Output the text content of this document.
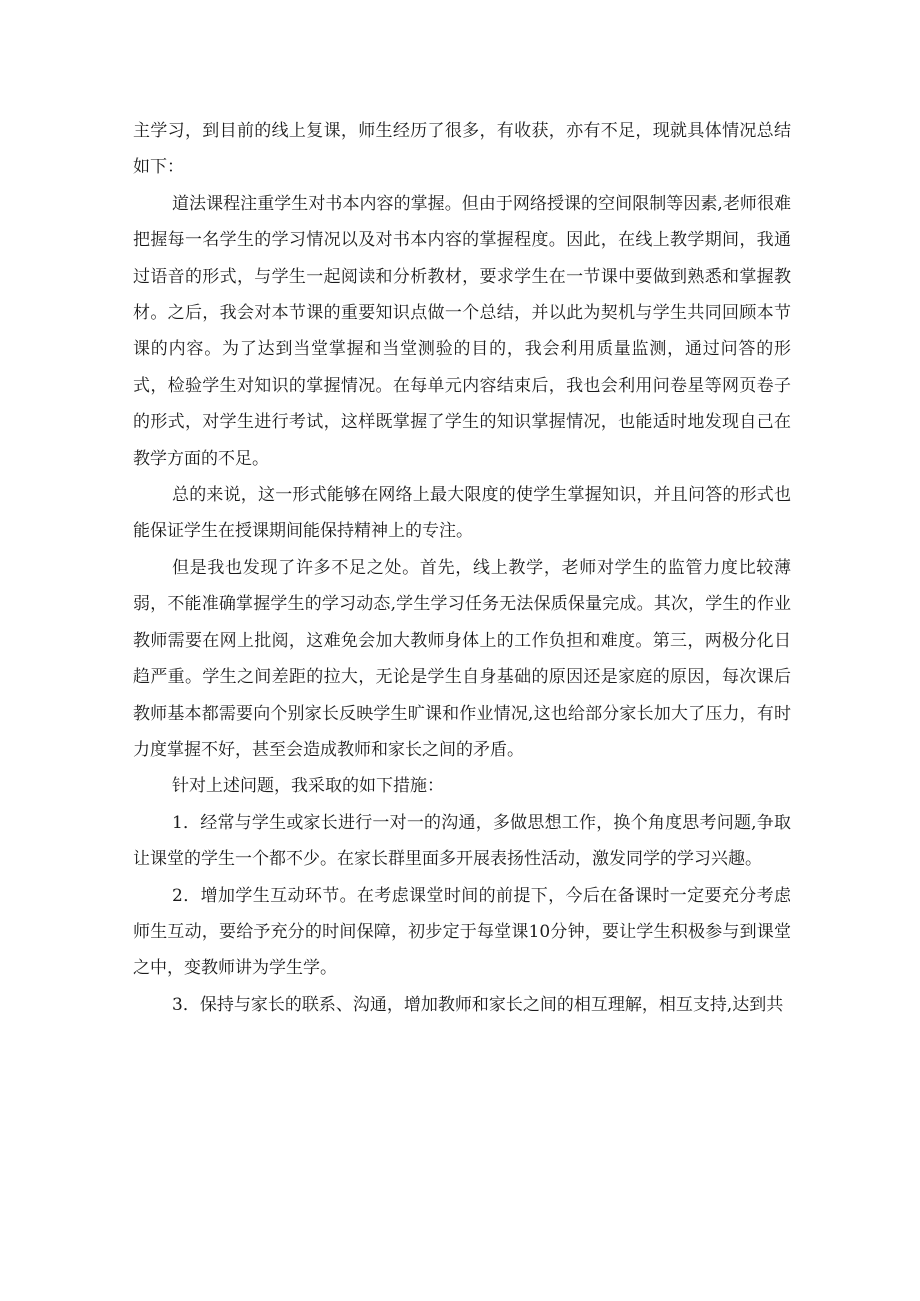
主学习，到目前的线上复课，师生经历了很多，有收获，亦有不足，现就具体情况总结如下：

道法课程注重学生对书本内容的掌握。但由于网络授课的空间限制等因素,老师很难把握每一名学生的学习情况以及对书本内容的掌握程度。因此，在线上教学期间，我通过语音的形式，与学生一起阅读和分析教材，要求学生在一节课中要做到熟悉和掌握教材。之后，我会对本节课的重要知识点做一个总结，并以此为契机与学生共同回顾本节课的内容。为了达到当堂掌握和当堂测验的目的，我会利用质量监测，通过问答的形式，检验学生对知识的掌握情况。在每单元内容结束后，我也会利用问卷星等网页卷子的形式，对学生进行考试，这样既掌握了学生的知识掌握情况，也能适时地发现自己在教学方面的不足。

总的来说，这一形式能够在网络上最大限度的使学生掌握知识，并且问答的形式也能保证学生在授课期间能保持精神上的专注。

但是我也发现了许多不足之处。首先，线上教学，老师对学生的监管力度比较薄弱，不能准确掌握学生的学习动态,学生学习任务无法保质保量完成。其次，学生的作业教师需要在网上批阅，这难免会加大教师身体上的工作负担和难度。第三，两极分化日趋严重。学生之间差距的拉大，无论是学生自身基础的原因还是家庭的原因，每次课后教师基本都需要向个别家长反映学生旷课和作业情况,这也给部分家长加大了压力，有时力度掌握不好，甚至会造成教师和家长之间的矛盾。

针对上述问题，我采取的如下措施：

1．经常与学生或家长进行一对一的沟通，多做思想工作，换个角度思考问题,争取让课堂的学生一个都不少。在家长群里面多开展表扬性活动，激发同学的学习兴趣。

2．增加学生互动环节。在考虑课堂时间的前提下，今后在备课时一定要充分考虑师生互动，要给予充分的时间保障，初步定于每堂课10分钟，要让学生积极参与到课堂之中，变教师讲为学生学。

3．保持与家长的联系、沟通，增加教师和家长之间的相互理解，相互支持,达到共
